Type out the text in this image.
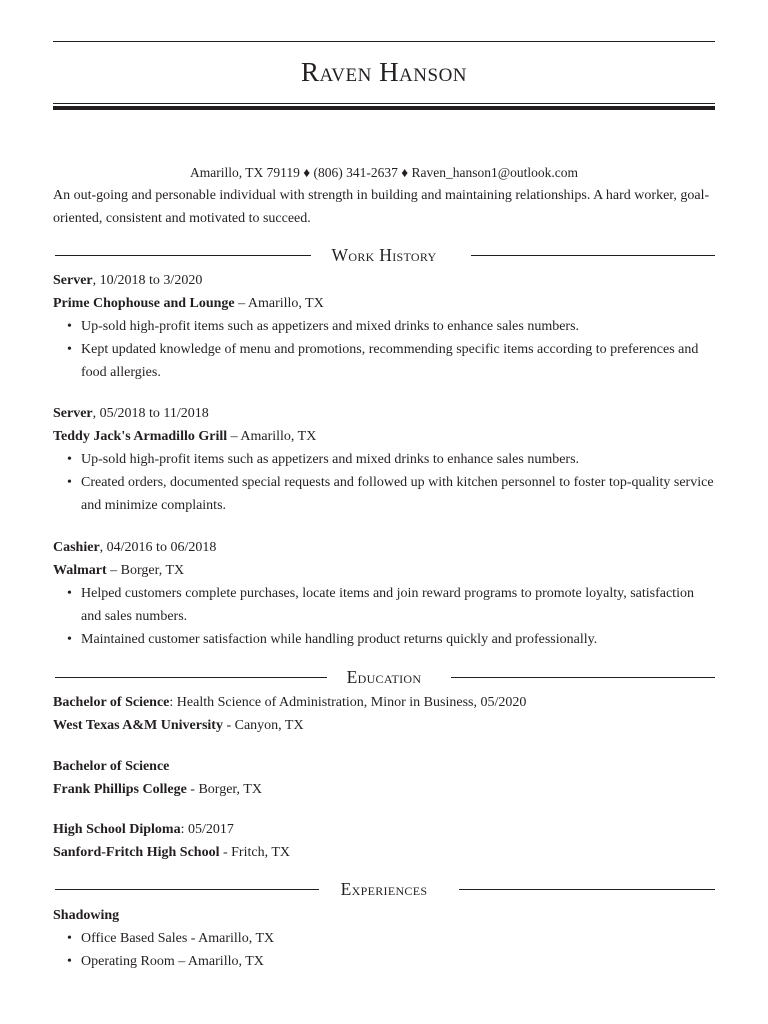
Raven Hanson
Amarillo, TX 79119 ♦ (806) 341-2637 ♦ Raven_hanson1@outlook.com
An out-going and personable individual with strength in building and maintaining relationships. A hard worker, goal-oriented, consistent and motivated to succeed.
Work History
Server, 10/2018 to 3/2020
Prime Chophouse and Lounge – Amarillo, TX
• Up-sold high-profit items such as appetizers and mixed drinks to enhance sales numbers.
• Kept updated knowledge of menu and promotions, recommending specific items according to preferences and food allergies.
Server, 05/2018 to 11/2018
Teddy Jack's Armadillo Grill – Amarillo, TX
• Up-sold high-profit items such as appetizers and mixed drinks to enhance sales numbers.
• Created orders, documented special requests and followed up with kitchen personnel to foster top-quality service and minimize complaints.
Cashier, 04/2016 to 06/2018
Walmart – Borger, TX
• Helped customers complete purchases, locate items and join reward programs to promote loyalty, satisfaction and sales numbers.
• Maintained customer satisfaction while handling product returns quickly and professionally.
Education
Bachelor of Science: Health Science of Administration, Minor in Business, 05/2020
West Texas A&M University - Canyon, TX
Bachelor of Science
Frank Phillips College - Borger, TX
High School Diploma: 05/2017
Sanford-Fritch High School - Fritch, TX
Experiences
Shadowing
• Office Based Sales - Amarillo, TX
• Operating Room – Amarillo, TX
